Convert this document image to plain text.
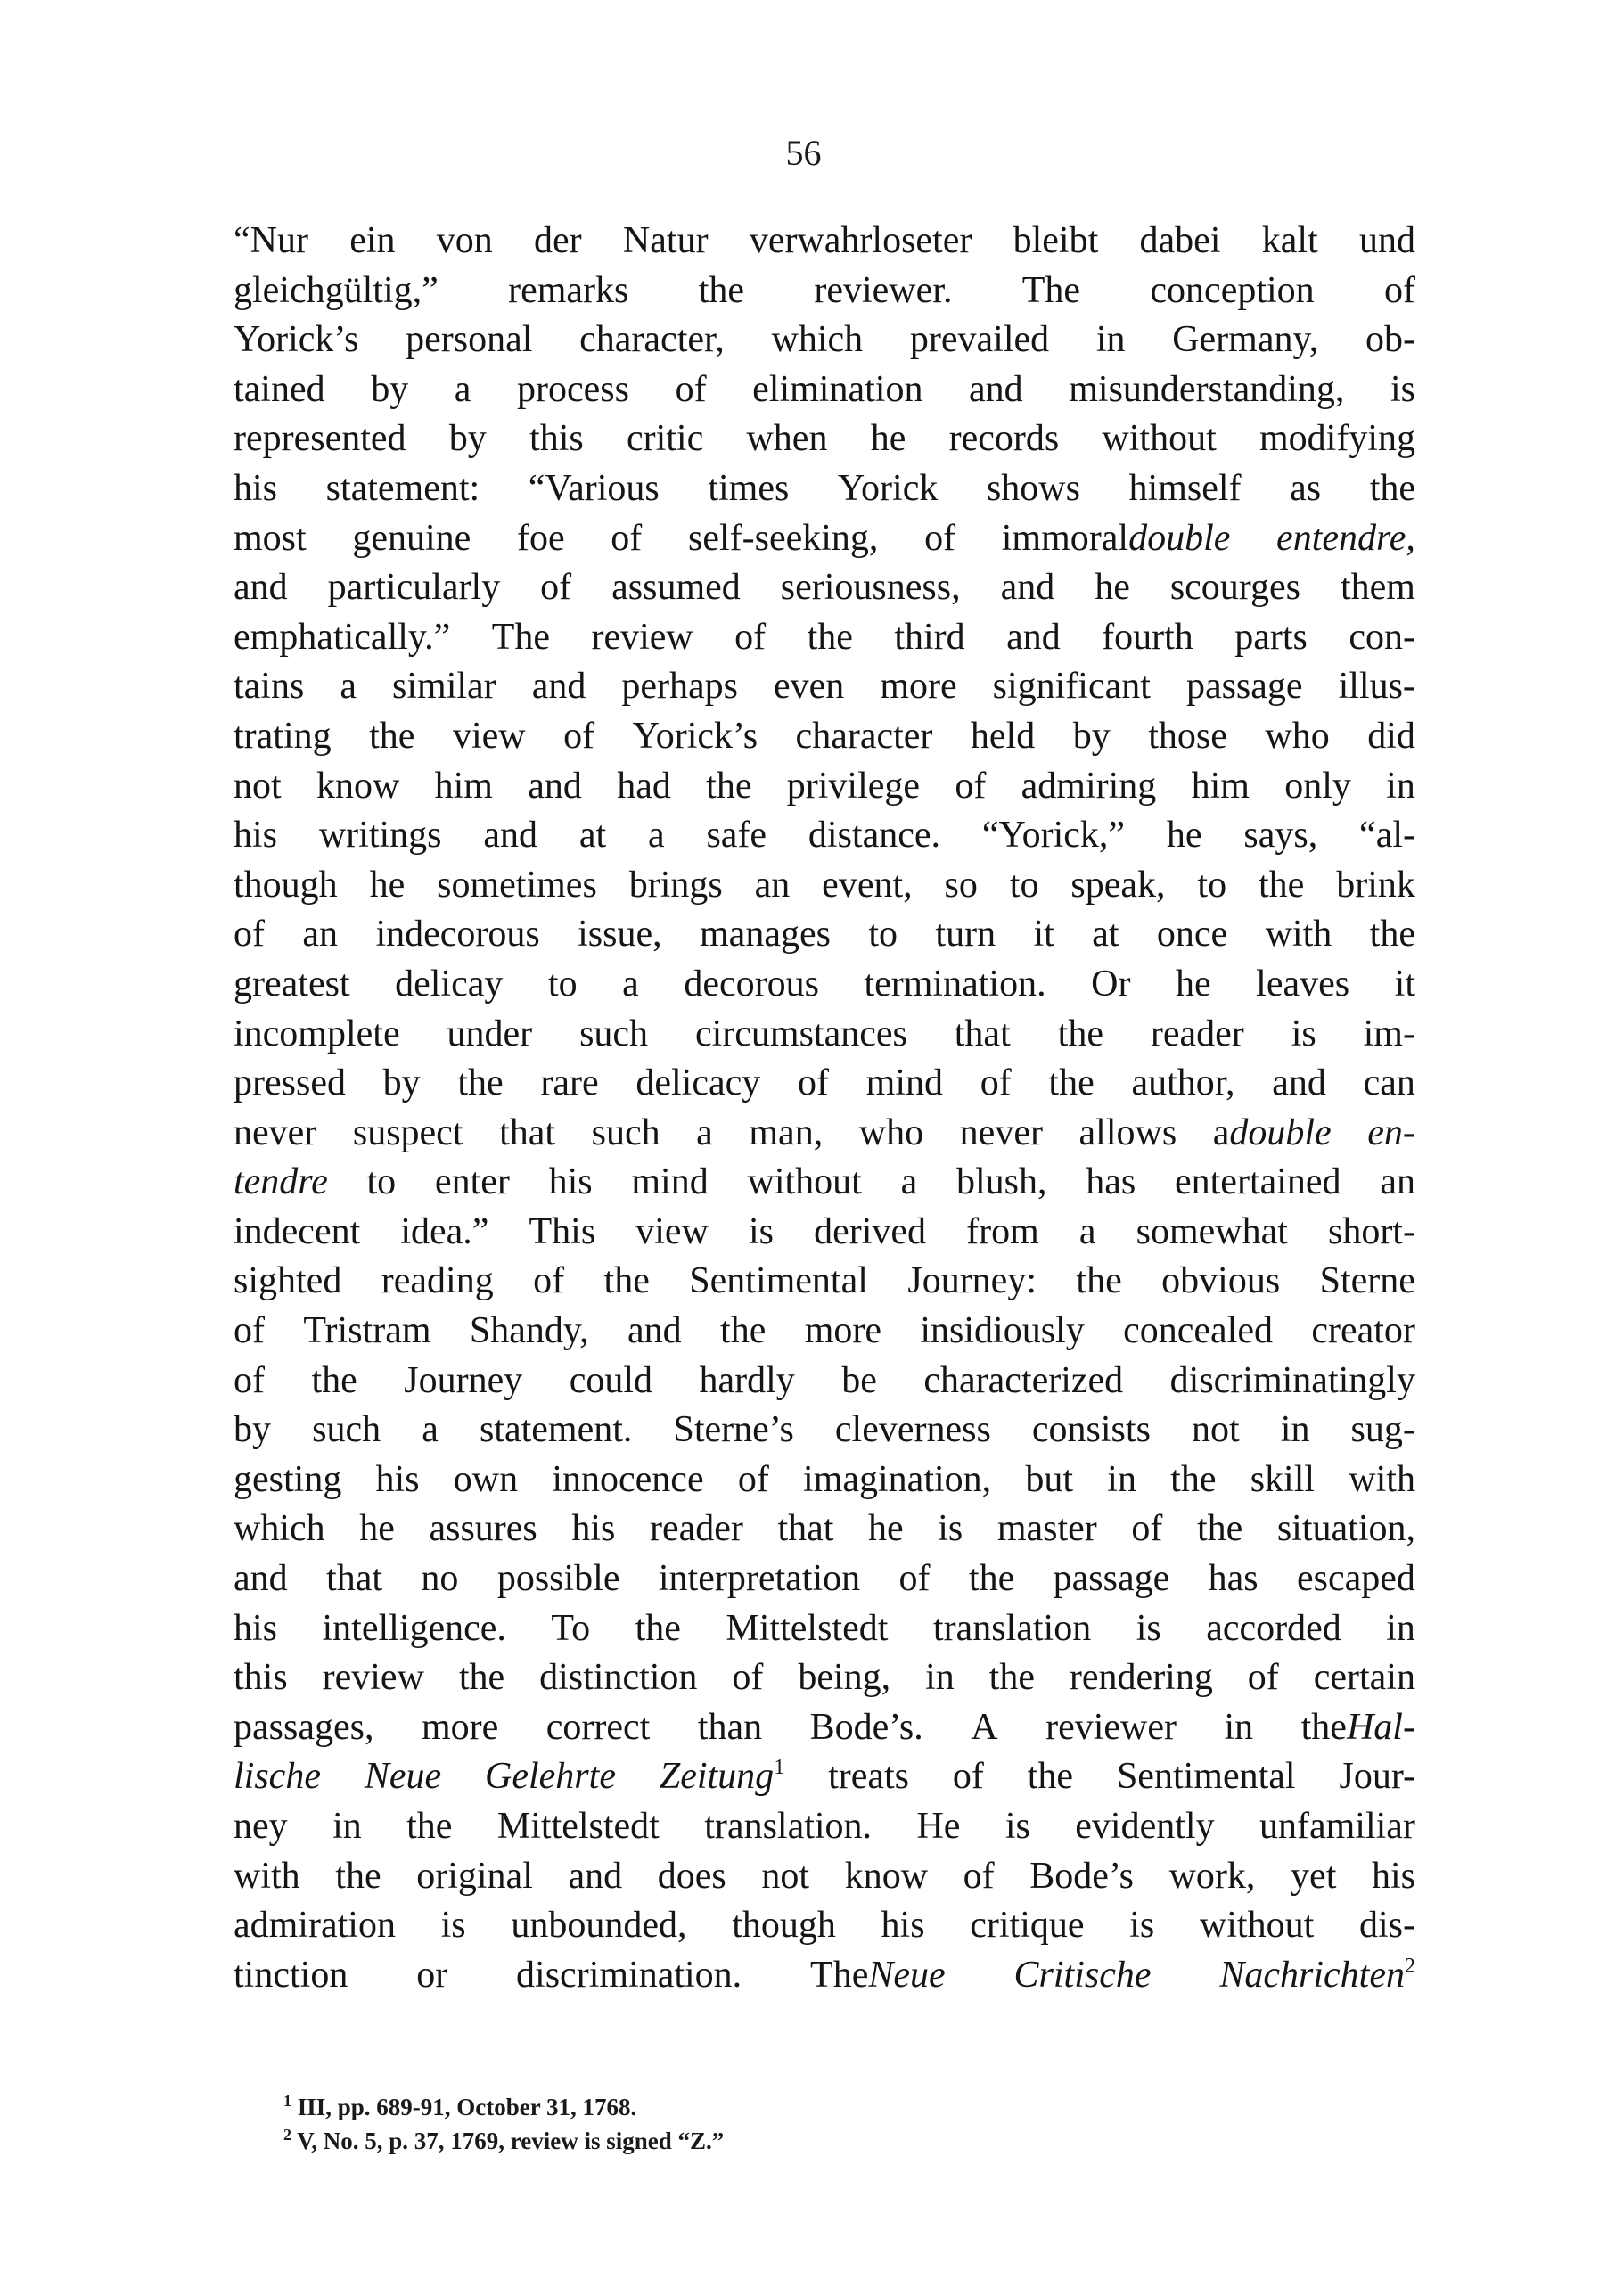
56
“Nur ein von der Natur verwahrloseter bleibt dabei kalt und
gleichgültig,” remarks the reviewer. The conception of
Yorick’s personal character, which prevailed in Germany, ob-
tained by a process of elimination and misunderstanding, is
represented by this critic when he records without modifying
his statement: “Various times Yorick shows himself as the
most genuine foe of self-seeking, of immoraldouble entendre,
and particularly of assumed seriousness, and he scourges them
emphatically.” The review of the third and fourth parts con-
tains a similar and perhaps even more significant passage illus-
trating the view of Yorick’s character held by those who did
not know him and had the privilege of admiring him only in
his writings and at a safe distance. “Yorick,” he says, “al-
though he sometimes brings an event, so to speak, to the brink
of an indecorous issue, manages to turn it at once with the
greatest delicay to a decorous termination. Or he leaves it
incomplete under such circumstances that the reader is im-
pressed by the rare delicacy of mind of the author, and can
never suspect that such a man, who never allows adouble en-
tendre to enter his mind without a blush, has entertained an
indecent idea.” This view is derived from a somewhat short-
sighted reading of the Sentimental Journey: the obvious Sterne
of Tristram Shandy, and the more insidiously concealed creator
of the Journey could hardly be characterized discriminatingly
by such a statement. Sterne’s cleverness consists not in sug-
gesting his own innocence of imagination, but in the skill with
which he assures his reader that he is master of the situation,
and that no possible interpretation of the passage has escaped
his intelligence. To the Mittelstedt translation is accorded in
this review the distinction of being, in the rendering of certain
passages, more correct than Bode’s. A reviewer in theHal-
lische Neue Gelehrte Zeitung$^1$ treats of the Sentimental Jour-
ney in the Mittelstedt translation. He is evidently unfamiliar
with the original and does not know of Bode’s work, yet his
admiration is unbounded, though his critique is without dis-
tinction or discrimination. TheNeue Critische Nachrichten$^2$
$^1$ III, pp. 689-91, October 31, 1768.
$^2$ V, No. 5, p. 37, 1769, review is signed “Z.”
